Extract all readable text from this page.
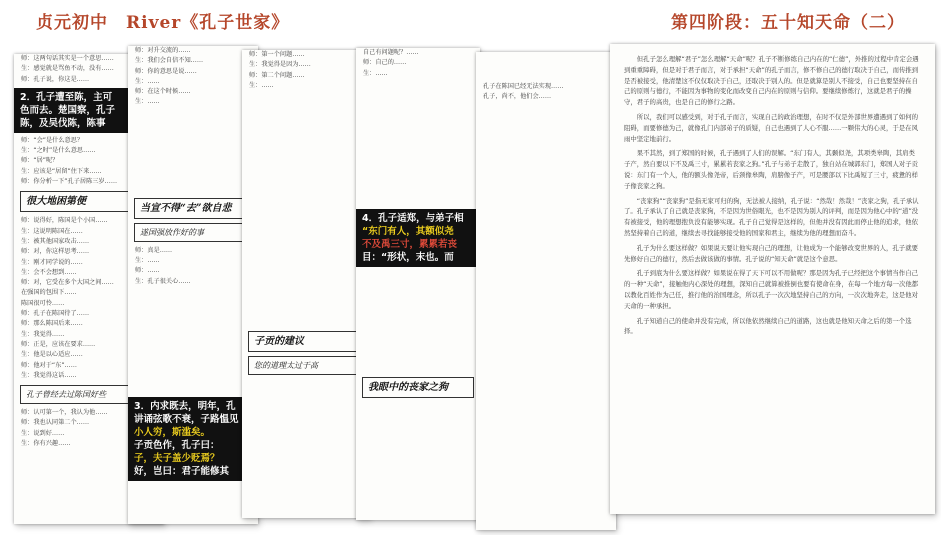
贞元初中　River《孔子世家》	第四阶段：五十知天命（二）
师：这两句话其实是一个意思……
生：感觉就是骂鱼不动，没有……
师：孔子说，你这是……
2．孔子遭至陈，主可
色而去。楚国察，孔子
陈，及吴伐陈，陈事
师：“会”是什么意思？
生：“之时”是什么意思……
师：“居”呢？
生：应该是“居留”住下来……
师：你分析一下”孔子居陈三岁……
很大地困第便
师：说得好，陈国是个小国……
生：这说明陈国在……
生：被其他国家攻击……
师：对，你这样思考……
生：刚才同学说的……
生：会不会想到……
师：对，它受在多个大国之间……
在强国的包围下……
陈国很可怜……
师：孔子在陈国待了……
师：那么陈国后来……
生：我觉得……
师：正是，应该在要求……
生：他是以心适应……
师：他对于“东”……
生：我觉得这话……
孔子曾经去过陈国好些
师：认可第一个，我认为他……
师：我也认同第二个……
生：说到好……
生：你有兴趣……
师：对升交流的……
生：我们会自信不知……
师：你的意思是说……
生：……
师：在这个时候……
生：……
当宣不得“去”欲自悲
遂国强放作好的事
师：真是……
生：……
师：……
生：孔子很关心……
3．内求既去，明年，孔
讲诵弦歌不衰，子路愠见
小人穷，斯滥矣。
子贡色作，孔子曰：
子，夫子盖少贬焉？
好，岂曰：君子能修其
师：第一个问题……
生：我觉得是因为……
师：第二个问题……
生：……
子贡的建议
您的道理太过于高
自己有问题呢？……
师：自己的……
生：……
4．孔子适郑，与弟子相
“东门有人，其额似尧
不及禹三寸，累累若丧
目：“形状，末也。而
我眼中的丧家之狗
孔子在陈国已经无法实现……
孔子，尚不，他们会……

但孔子怎么理解“君子”怎么理解“天命”呢？孔子不断修练自己内在的“仁德”，外推的过程中肯定会遇到重重障碍，但是对于君子而言，对于承担“天命”的孔子而言，修不修自己的德行取决于自己，而传推到是否被接受，他清楚这不仅仅取决于自己，还取决于别人的。但是就算是别人不接受，自己也要坚持在自己的原则与德行，不能因为事物的变化而改变自己内在的原则与信仰。要继续修炼行，这就是君子的操守，君子的高贵，也是自己的修行之路。

所以，我们可以感受到，对于孔子而言，实现自己的政治理想，在时不仅是外部世界遭遇到了如何的阻碍，而要修德为己，就像孔门内部弟子的质疑，自己也遇到了人心不服……一颗伟大的心灵，于是在风雨中坚定地前行。

果不其然，到了郑国的时候，孔子遇到了人们的误解。“东门有人，其颡似尧，其项类皋陶，其肩类子产，然自要以下不及禹三寸，累累若丧家之狗。”孔子与弟子走散了，独自站在城郭东门，郑国人对子贡说：东门有一个人，他的额头像尧帝，后颈像皋陶，肩膀像子产，可是腰部以下比禹短了三寸，疲惫的样子像丧家之狗。

“丧家狗”“丧家狗”是指无家可归的狗，无法被人接纳，孔子说：“然哉！然哉！”丧家之狗，孔子承认了。孔子承认了自己就是丧家狗，不是因为世俗眼光，也不是因为别人的评判，而是因为他心中的“道”没有被接受，他的理想抱负没有能够实现。孔子自己觉得是这样的，但他并没有因此而停止他的追求，他依然坚持着自己的道，继续去寻找能够接受他的国家和君主，继续为他的理想而奋斗。

孔子为什么要这样做？如果说天要让他实现自己的理想，让他成为一个能够改变世界的人，孔子就要先修好自己的德行，然后去做该做的事情。孔子说的“知天命”就是这个意思。

孔子到底为什么要这样做？如果说在得了天下可以不用做呢？那是因为孔子已经把这个事情当作自己的一种“天命”，接触他内心深处的理想，深知自己就算被推倒也要有使命在身，在每一个地方每一次他都以教化百姓作为己任，推行他的治国理念，所以孔子一次次地坚持自己的方向，一次次地奔走，这是他对天命的一种承担。

孔子知道自己的使命并没有完成，所以他依然继续自己的道路，这也就是他知天命之后的第一个选择。
